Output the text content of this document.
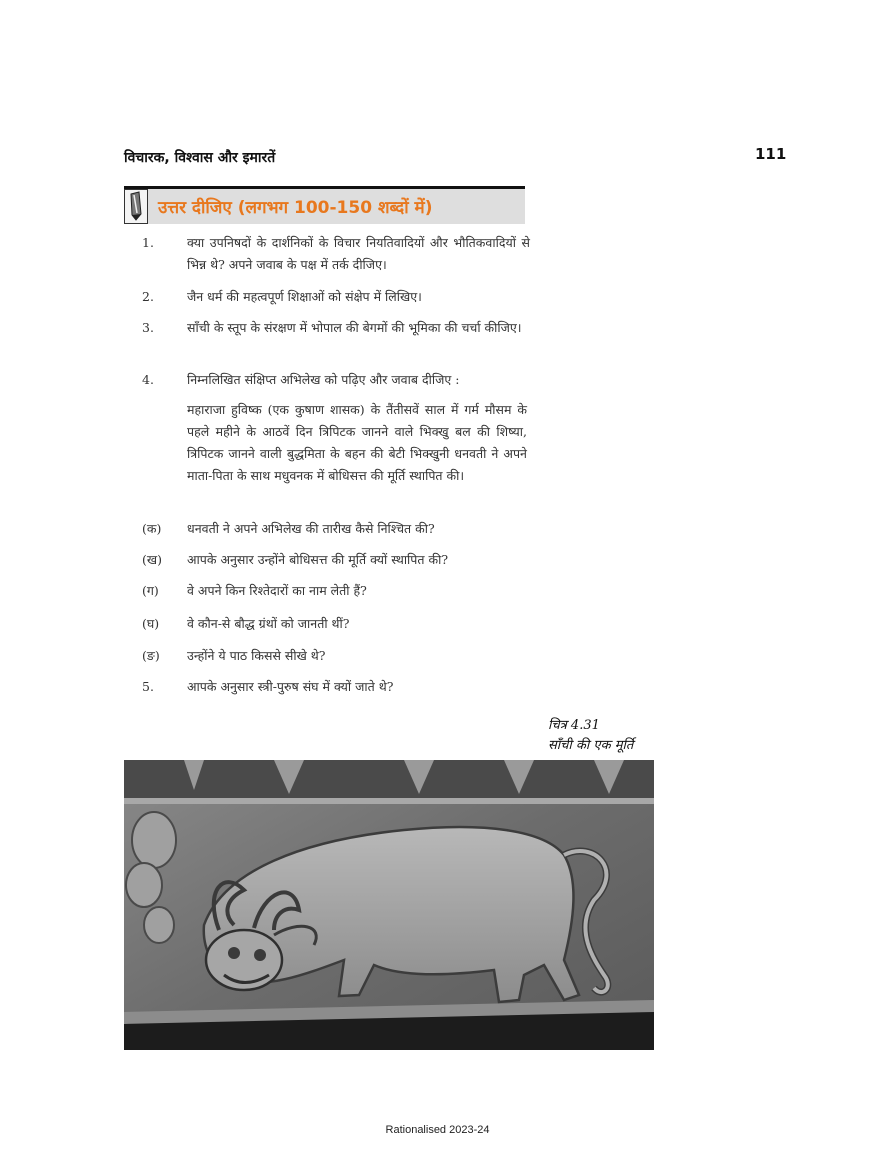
विचारक, विश्वास और इमारतें	111
उत्तर दीजिए (लगभग 100-150 शब्दों में)
1.	क्या उपनिषदों के दार्शनिकों के विचार नियतिवादियों और भौतिकवादियों से भिन्न थे? अपने जवाब के पक्ष में तर्क दीजिए।
2.	जैन धर्म की महत्वपूर्ण शिक्षाओं को संक्षेप में लिखिए।
3.	साँची के स्तूप के संरक्षण में भोपाल की बेगमों की भूमिका की चर्चा कीजिए।
4.	निम्नलिखित संक्षिप्त अभिलेख को पढ़िए और जवाब दीजिए :
महाराजा हुविष्क (एक कुषाण शासक) के तैंतीसवें साल में गर्म मौसम के पहले महीने के आठवें दिन त्रिपिटक जानने वाले भिक्खु बल की शिष्या, त्रिपिटक जानने वाली बुद्धमिता के बहन की बेटी भिक्खुनी धनवती ने अपने माता-पिता के साथ मधुवनक में बोधिसत्त की मूर्ति स्थापित की।
(क)	धनवती ने अपने अभिलेख की तारीख कैसे निश्चित की?
(ख)	आपके अनुसार उन्होंने बोधिसत्त की मूर्ति क्यों स्थापित की?
(ग)	वे अपने किन रिश्तेदारों का नाम लेती हैं?
(घ)	वे कौन-से बौद्ध ग्रंथों को जानती थीं?
(ङ)	उन्होंने ये पाठ किससे सीखे थे?
5.	आपके अनुसार स्त्री-पुरुष संघ में क्यों जाते थे?
चित्र 4.31
साँची की एक मूर्ति
Rationalised 2023-24
